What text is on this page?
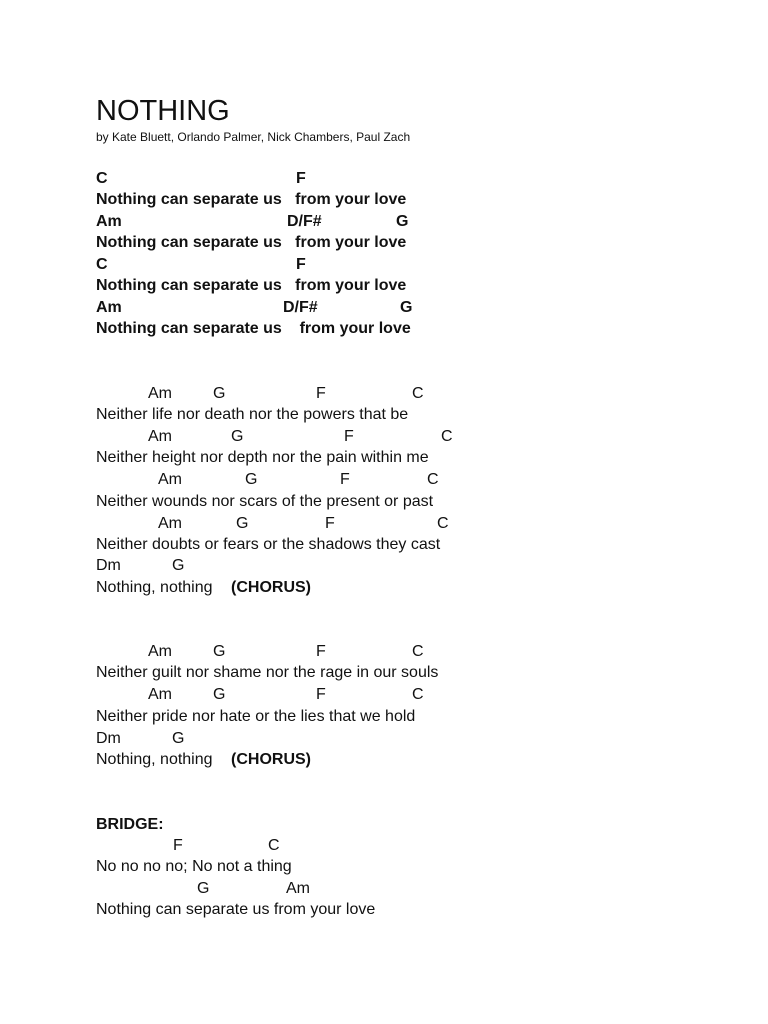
NOTHING
by Kate Bluett, Orlando Palmer, Nick Chambers, Paul Zach

C

	F

Nothing can separate us   from your love

Am

	D/F#

	G

Nothing can separate us   from your love

C

	F

Nothing can separate us   from your love

Am

	D/F#

	G

Nothing can separate us    from your love

Am

	G

	F

	C

Neither life nor death nor the powers that be

Am

	G

	F

	C

Neither height nor depth nor the pain within me

Am

	G

	F

	C

Neither wounds nor scars of the present or past

Am

	G

	F

	C

Neither doubts or fears or the shadows they cast

Dm

	G

Nothing, nothing

(CHORUS)

Am

	G

	F

	C

Neither guilt nor shame nor the rage in our souls

Am

	G

	F

	C

Neither pride nor hate or the lies that we hold

Dm

	G

Nothing, nothing

(CHORUS)

BRIDGE:

F

	C

No no no no; No not a thing

G

	Am

Nothing can separate us from your love
